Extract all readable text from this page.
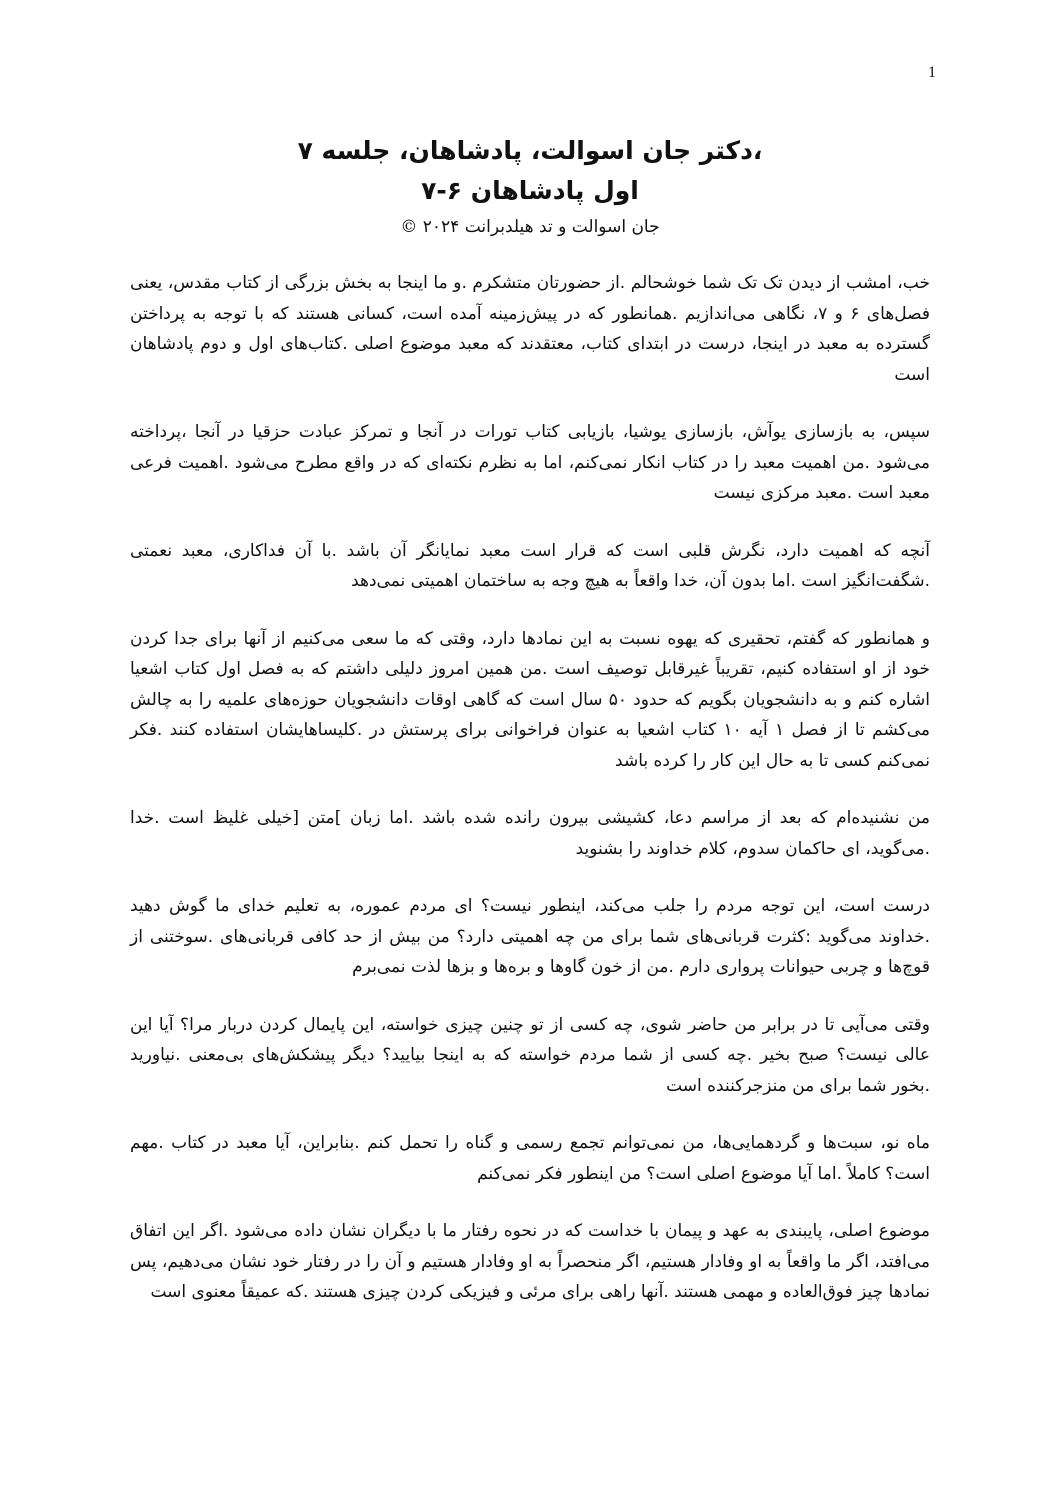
1
،دکتر جان اسوالت، پادشاهان، جلسه ۷
اول پادشاهان ۶-۷
جان اسوالت و تد هیلدبرانت ۲۰۲۴ ©

خب، امشب از دیدن تک تک شما خوشحالم .از حضورتان متشکرم .و ما اینجا به بخش بزرگی از کتاب مقدس، یعنی فصل‌های ۶ و ۷، نگاهی می‌اندازیم .همانطور که در پیش‌زمینه آمده است، کسانی هستند که با توجه به پرداختن گسترده به معبد در اینجا، درست در ابتدای کتاب، معتقدند که معبد موضوع اصلی .کتاب‌های اول و دوم پادشاهان است

سپس، به بازسازی یوآش، بازسازی یوشیا، بازیابی کتاب تورات در آنجا و تمرکز عبادت حزقیا در آنجا ،پرداخته می‌شود .من اهمیت معبد را در کتاب انکار نمی‌کنم، اما به نظرم نکته‌ای که در واقع مطرح می‌شود .اهمیت فرعی معبد است .معبد مرکزی نیست

آنچه که اهمیت دارد، نگرش قلبی است که قرار است معبد نمایانگر آن باشد .با آن فداکاری، معبد نعمتی .شگفت‌انگیز است .اما بدون آن، خدا واقعاً به هیچ وجه به ساختمان اهمیتی نمی‌دهد

و همانطور که گفتم، تحقیری که یهوه نسبت به این نمادها دارد، وقتی که ما سعی می‌کنیم از آنها برای جدا کردن خود از او استفاده کنیم، تقریباً غیرقابل توصیف است .من همین امروز دلیلی داشتم که به فصل اول کتاب اشعیا اشاره کنم و به دانشجویان بگویم که حدود ۵۰ سال است که گاهی اوقات دانشجویان حوزه‌های علمیه را به چالش می‌کشم تا از فصل ۱ آیه ۱۰ کتاب اشعیا به عنوان فراخوانی برای پرستش در .کلیساهایشان استفاده کنند .فکر نمی‌کنم کسی تا به حال این کار را کرده باشد

من نشنیده‌ام که بعد از مراسم دعا، کشیشی بیرون رانده شده باشد .اما زبان ]متن [خیلی غلیظ است .خدا .می‌گوید، ای حاکمان سدوم، کلام خداوند را بشنوید

درست است، این توجه مردم را جلب می‌کند، اینطور نیست؟ ای مردم عموره، به تعلیم خدای ما گوش دهید .خداوند می‌گوید :کثرت قربانی‌های شما برای من چه اهمیتی دارد؟ من بیش از حد کافی قربانی‌های .سوختنی از قوچ‌ها و چربی حیوانات پرواری دارم .من از خون گاوها و بره‌ها و بزها لذت نمی‌برم

وقتی می‌آیی تا در برابر من حاضر شوی، چه کسی از تو چنین چیزی خواسته، این پایمال کردن دربار مرا؟ آیا این عالی نیست؟ صبح بخیر .چه کسی از شما مردم خواسته که به اینجا بیایید؟ دیگر پیشکش‌های بی‌معنی .نیاورید .بخور شما برای من منزجرکننده است

ماه نو، سبت‌ها و گردهمایی‌ها، من نمی‌توانم تجمع رسمی و گناه را تحمل کنم .بنابراین، آیا معبد در کتاب .مهم است؟ کاملاً .اما آیا موضوع اصلی است؟ من اینطور فکر نمی‌کنم

موضوع اصلی، پایبندی به عهد و پیمان با خداست که در نحوه رفتار ما با دیگران نشان داده می‌شود .اگر این اتفاق می‌افتد، اگر ما واقعاً به او وفادار هستیم، اگر منحصراً به او وفادار هستیم و آن را در رفتار خود نشان می‌دهیم، پس نمادها چیز فوق‌العاده و مهمی هستند .آنها راهی برای مرئی و فیزیکی کردن چیزی هستند .که عمیقاً معنوی است
